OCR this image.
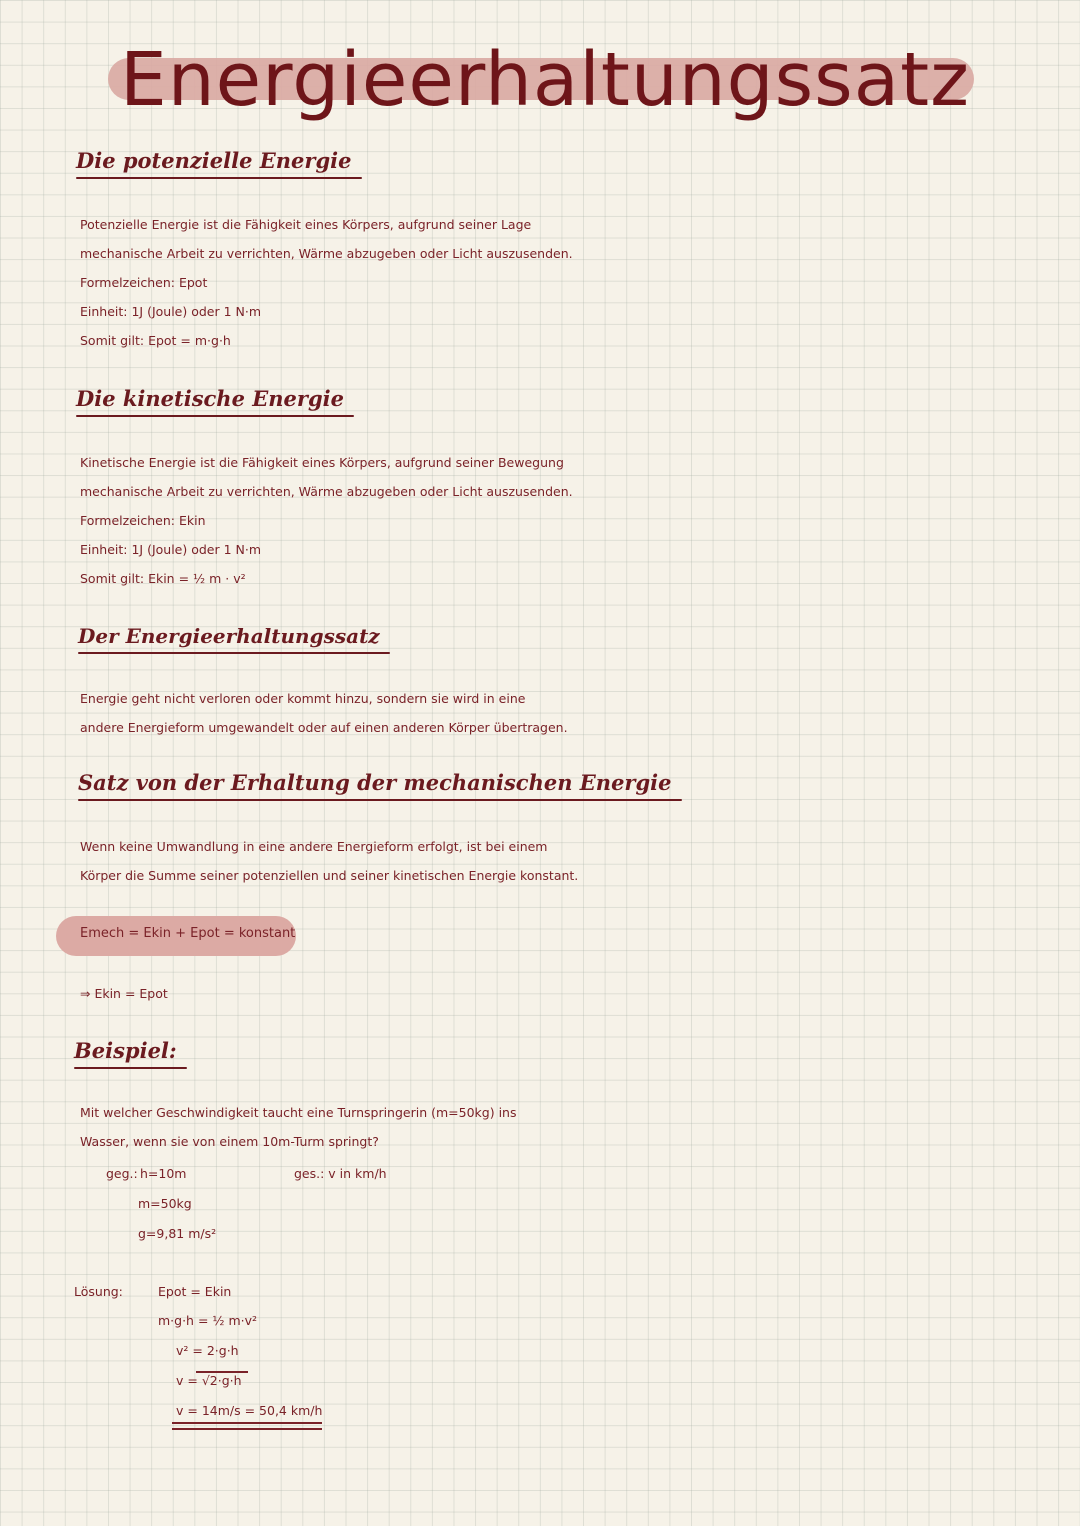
Energieerhaltungssatz
Die potenzielle Energie
Potenzielle Energie ist die Fähigkeit eines Körpers, aufgrund seiner Lage
mechanische Arbeit zu verrichten, Wärme abzugeben oder Licht auszusenden.
Formelzeichen: Epot
Einheit: 1J (Joule) oder 1 N·m
Somit gilt: Epot = m·g·h
Die kinetische Energie
Kinetische Energie ist die Fähigkeit eines Körpers, aufgrund seiner Bewegung
mechanische Arbeit zu verrichten, Wärme abzugeben oder Licht auszusenden.
Formelzeichen: Ekin
Einheit: 1J (Joule) oder 1 N·m
Somit gilt: Ekin = ½ m · v²
Der Energieerhaltungssatz
Energie geht nicht verloren oder kommt hinzu, sondern sie wird in eine
andere Energieform umgewandelt oder auf einen anderen Körper übertragen.
Satz von der Erhaltung der mechanischen Energie
Wenn keine Umwandlung in eine andere Energieform erfolgt, ist bei einem
Körper die Summe seiner potenziellen und seiner kinetischen Energie konstant.
Emech = Ekin + Epot = konstant
⇒ Ekin = Epot
Beispiel:
Mit welcher Geschwindigkeit taucht eine Turnspringerin (m=50kg) ins
Wasser, wenn sie von einem 10m-Turm springt?
geg.: h=10m
m=50kg
g=9,81 m/s²
ges.: v in km/h
Lösung:	Epot = Ekin
m·g·h = ½ m·v²
v² = 2·g·h
v = √2·g·h
v = 14m/s = 50,4 km/h
